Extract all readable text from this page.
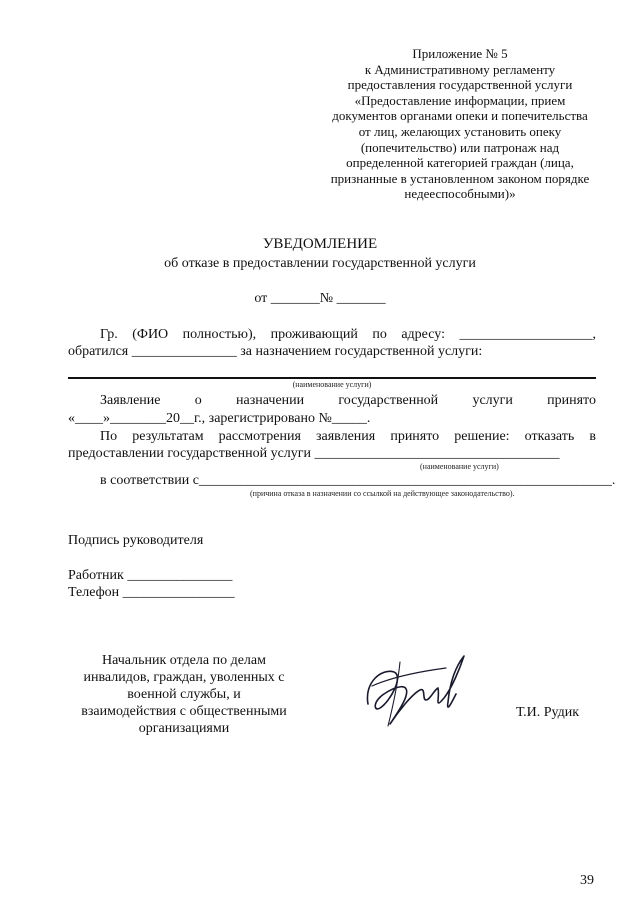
Приложение № 5
к Административному регламенту
предоставления государственной услуги
«Предоставление информации, прием
документов органами опеки и попечительства
от лиц, желающих установить опеку
(попечительство) или патронаж над
определенной категорией граждан (лица,
признанные в установленном законом порядке
недееспособными)»
УВЕДОМЛЕНИЕ
об отказе в предоставлении государственной услуги
от _______№ _______
Гр. (ФИО полностью), проживающий по адресу: ___________________,
обратился _______________ за назначением государственной услуги:
(наименование услуги)
Заявление о назначении государственной услуги принято
«____»________20__г., зарегистрировано №_____.
По результатам рассмотрения заявления принято решение: отказать в
предоставлении государственной услуги ___________________________________
(наименование услуги)
в соответствии с___________________________________________________________.
(причина отказа в назначении со ссылкой на действующее законодательство).
Подпись руководителя
Работник _______________
Телефон ________________
Начальник отдела по делам
инвалидов, граждан, уволенных с
военной службы, и
взаимодействия с общественными
организациями
Т.И. Рудик
39
